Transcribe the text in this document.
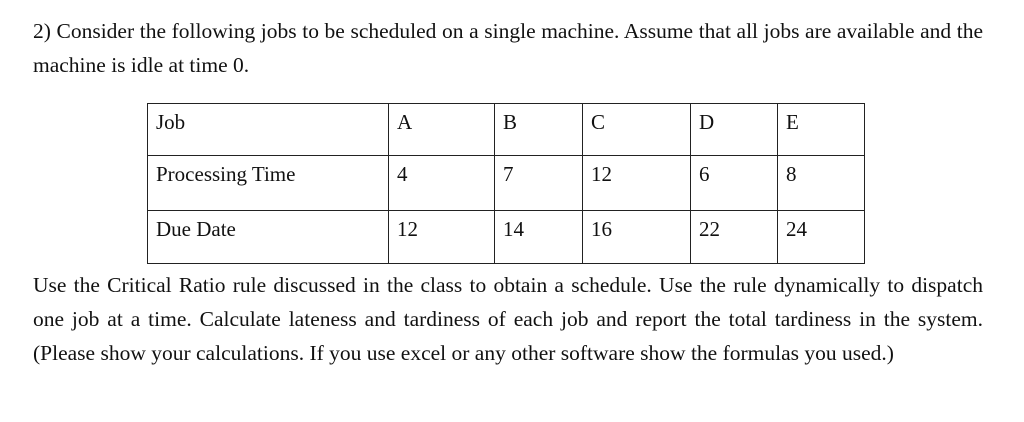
2) Consider the following jobs to be scheduled on a single machine. Assume that all jobs are available and the machine is idle at time 0.

Job	A	B	C	D	E
Processing Time	4	7	12	6	8
Due Date	12	14	16	22	24

Use the Critical Ratio rule discussed in the class to obtain a schedule. Use the rule dynamically to dispatch one job at a time. Calculate lateness and tardiness of each job and report the total tardiness in the system. (Please show your calculations. If you use excel or any other software show the formulas you used.)
